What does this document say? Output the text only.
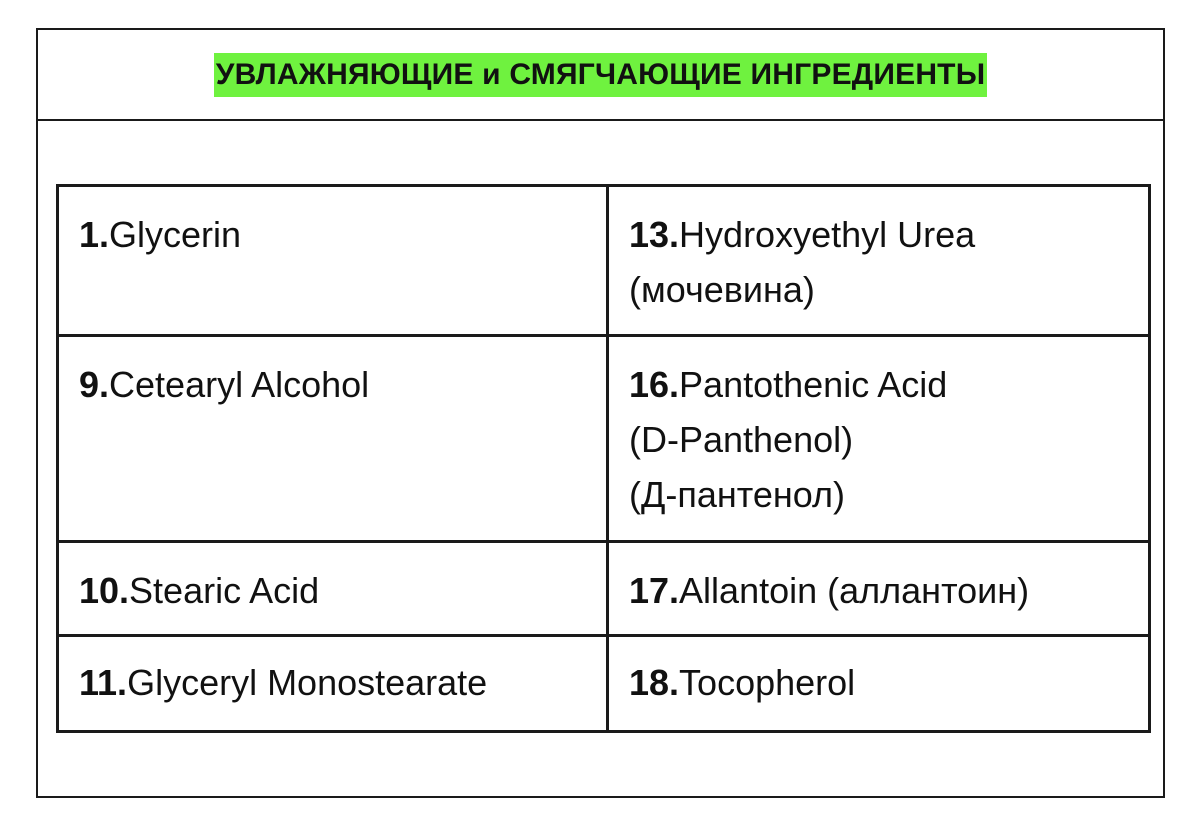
УВЛАЖНЯЮЩИЕ и СМЯГЧАЮЩИЕ ИНГРЕДИЕНТЫ
1.Glycerin	13.Hydroxyethyl Urea
(мочевина)

9.Cetearyl Alcohol	16.Pantothenic Acid
(D-Panthenol)
(Д-пантенол)

10.Stearic Acid	17.Allantoin (аллантоин)
11.Glyceryl Monostearate	18.Tocopherol
